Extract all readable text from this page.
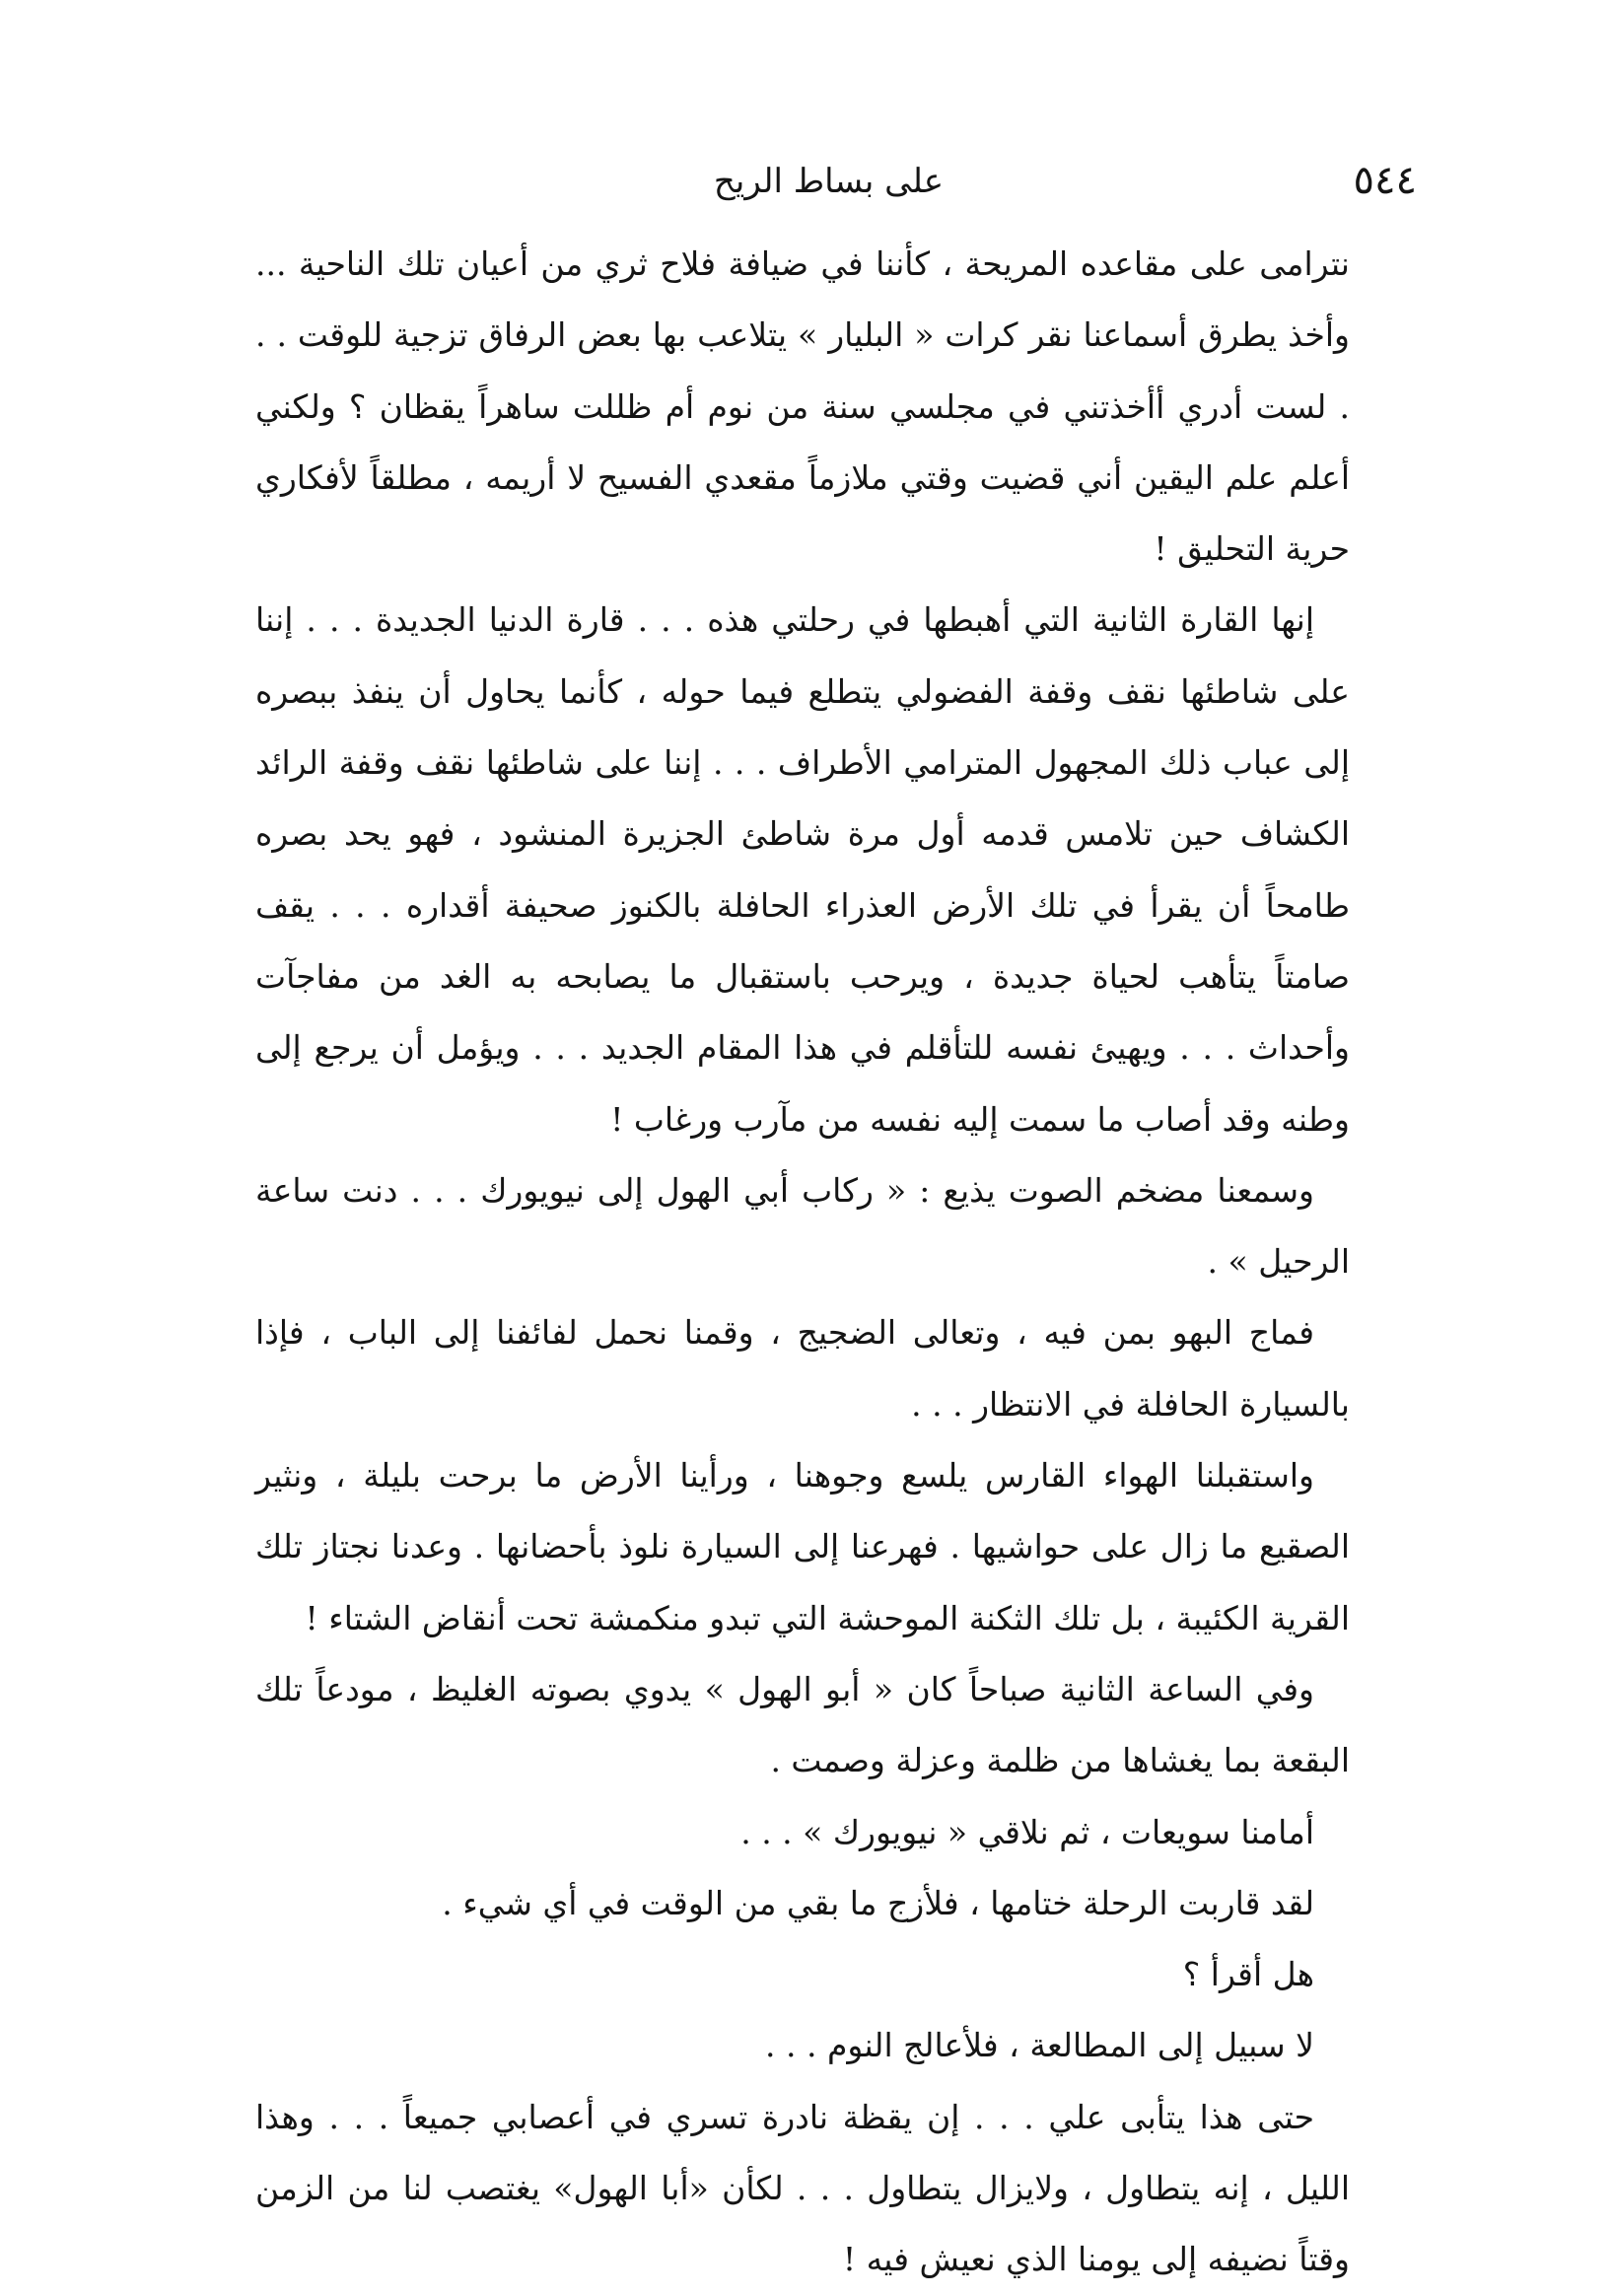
٥٤٤
على بساط الريح

نترامى على مقاعده المريحة ، كأننا في ضيافة فلاح ثري من أعيان تلك الناحية ... وأخذ يطرق أسماعنا نقر كرات « البليار » يتلاعب بها بعض الرفاق تزجية للوقت . . . لست أدري أأخذتني في مجلسي سنة من نوم أم ظللت ساهراً يقظان ؟ ولكني أعلم علم اليقين أني قضيت وقتي ملازماً مقعدي الفسيح لا أريمه ، مطلقاً لأفكاري حرية التحليق !

إنها القارة الثانية التي أهبطها في رحلتي هذه . . . قارة الدنيا الجديدة . . . إننا على شاطئها نقف وقفة الفضولي يتطلع فيما حوله ، كأنما يحاول أن ينفذ ببصره إلى عباب ذلك المجهول المترامي الأطراف . . . إننا على شاطئها نقف وقفة الرائد الكشاف حين تلامس قدمه أول مرة شاطئ الجزيرة المنشود ، فهو يحد بصره طامحاً أن يقرأ في تلك الأرض العذراء الحافلة بالكنوز صحيفة أقداره . . . يقف صامتاً يتأهب لحياة جديدة ، ويرحب باستقبال ما يصابحه به الغد من مفاجآت وأحداث . . . ويهيئ نفسه للتأقلم في هذا المقام الجديد . . . ويؤمل أن يرجع إلى وطنه وقد أصاب ما سمت إليه نفسه من مآرب ورغاب !

وسمعنا مضخم الصوت يذيع : « ركاب أبي الهول إلى نيويورك . . . دنت ساعة الرحيل » .

فماج البهو بمن فيه ، وتعالى الضجيج ، وقمنا نحمل لفائفنا إلى الباب ، فإذا بالسيارة الحافلة في الانتظار . . .

واستقبلنا الهواء القارس يلسع وجوهنا ، ورأينا الأرض ما برحت بليلة ، ونثير الصقيع ما زال على حواشيها . فهرعنا إلى السيارة نلوذ بأحضانها . وعدنا نجتاز تلك القرية الكئيبة ، بل تلك الثكنة الموحشة التي تبدو منكمشة تحت أنقاض الشتاء !

وفي الساعة الثانية صباحاً كان « أبو الهول » يدوي بصوته الغليظ ، مودعاً تلك البقعة بما يغشاها من ظلمة وعزلة وصمت .

أمامنا سويعات ، ثم نلاقي « نيويورك » . . .

لقد قاربت الرحلة ختامها ، فلأزج ما بقي من الوقت في أي شيء .

هل أقرأ ؟

لا سبيل إلى المطالعة ، فلأعالج النوم . . .

حتى هذا يتأبى علي . . . إن يقظة نادرة تسري في أعصابي جميعاً . . . وهذا الليل ، إنه يتطاول ، ولايزال يتطاول . . . لكأن «أبا الهول» يغتصب لنا من الزمن وقتاً نضيفه إلى يومنا الذي نعيش فيه !
